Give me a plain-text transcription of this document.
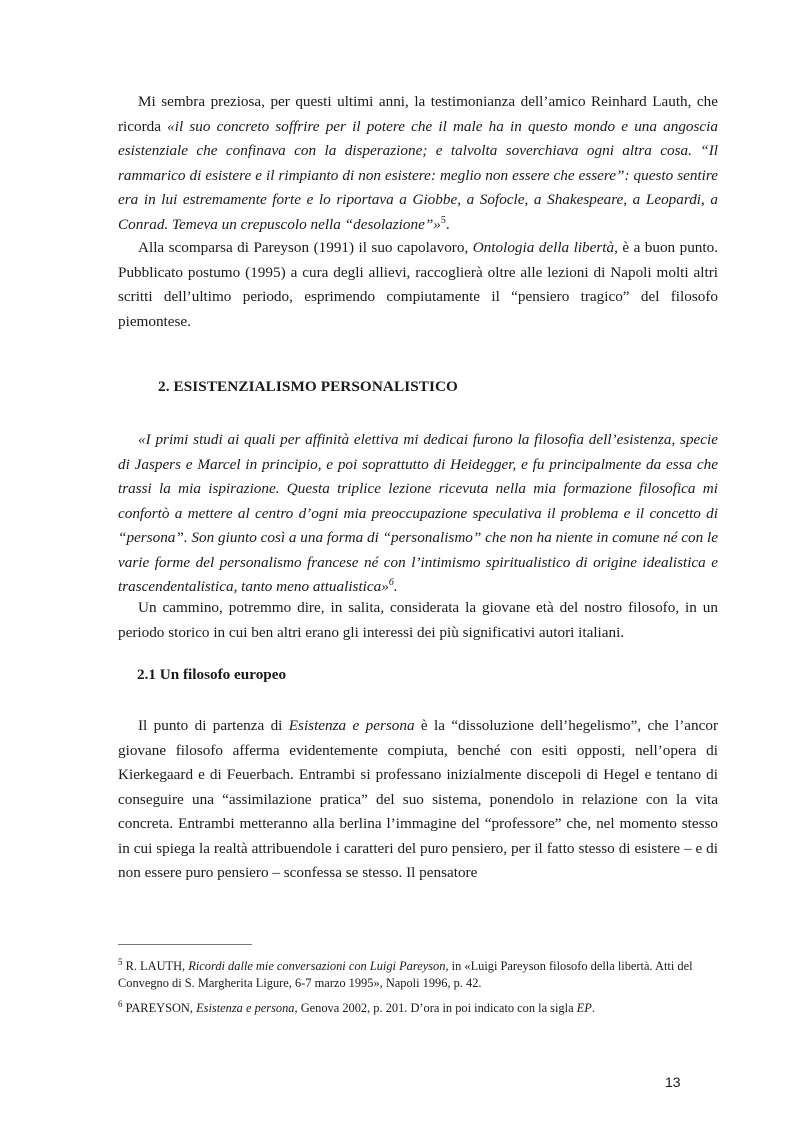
Mi sembra preziosa, per questi ultimi anni, la testimonianza dell’amico Reinhard Lauth, che ricorda «il suo concreto soffrire per il potere che il male ha in questo mondo e una angoscia esistenziale che confinava con la disperazione; e talvolta soverchiava ogni altra cosa. “Il rammarico di esistere e il rimpianto di non esistere: meglio non essere che essere”: questo sentire era in lui estremamente forte e lo riportava a Giobbe, a Sofocle, a Shakespeare, a Leopardi, a Conrad. Temeva un crepuscolo nella “desolazione”»$^5$.

Alla scomparsa di Pareyson (1991) il suo capolavoro, Ontologia della libertà, è a buon punto. Pubblicato postumo (1995) a cura degli allievi, raccoglierà oltre alle lezioni di Napoli molti altri scritti dell’ultimo periodo, esprimendo compiutamente il “pensiero tragico” del filosofo piemontese.

2. ESISTENZIALISMO PERSONALISTICO

«I primi studi ai quali per affinità elettiva mi dedicai furono la filosofia dell’esistenza, specie di Jaspers e Marcel in principio, e poi soprattutto di Heidegger, e fu principalmente da essa che trassi la mia ispirazione. Questa triplice lezione ricevuta nella mia formazione filosofica mi confortò a mettere al centro d’ogni mia preoccupazione speculativa il problema e il concetto di “persona”. Son giunto così a una forma di “personalismo” che non ha niente in comune né con le varie forme del personalismo francese né con l’intimismo spiritualistico di origine idealistica e trascendentalistica, tanto meno attualistica»$^6$.

Un cammino, potremmo dire, in salita, considerata la giovane età del nostro filosofo, in un periodo storico in cui ben altri erano gli interessi dei più significativi autori italiani.

2.1 Un filosofo europeo

Il punto di partenza di Esistenza e persona è la “dissoluzione dell’hegelismo”, che l’ancor giovane filosofo afferma evidentemente compiuta, benché con esiti opposti, nell’opera di Kierkegaard e di Feuerbach. Entrambi si professano inizialmente discepoli di Hegel e tentano di conseguire una “assimilazione pratica” del suo sistema, ponendolo in relazione con la vita concreta. Entrambi metteranno alla berlina l’immagine del “professore” che, nel momento stesso in cui spiega la realtà attribuendole i caratteri del puro pensiero, per il fatto stesso di esistere – e di non essere puro pensiero – sconfessa se stesso. Il pensatore

$^5$ R. LAUTH, Ricordi dalle mie conversazioni con Luigi Pareyson, in «Luigi Pareyson filosofo della libertà. Atti del Convegno di S. Margherita Ligure, 6-7 marzo 1995», Napoli 1996, p. 42.

$^6$ PAREYSON, Esistenza e persona, Genova 2002, p. 201. D’ora in poi indicato con la sigla EP.

13
